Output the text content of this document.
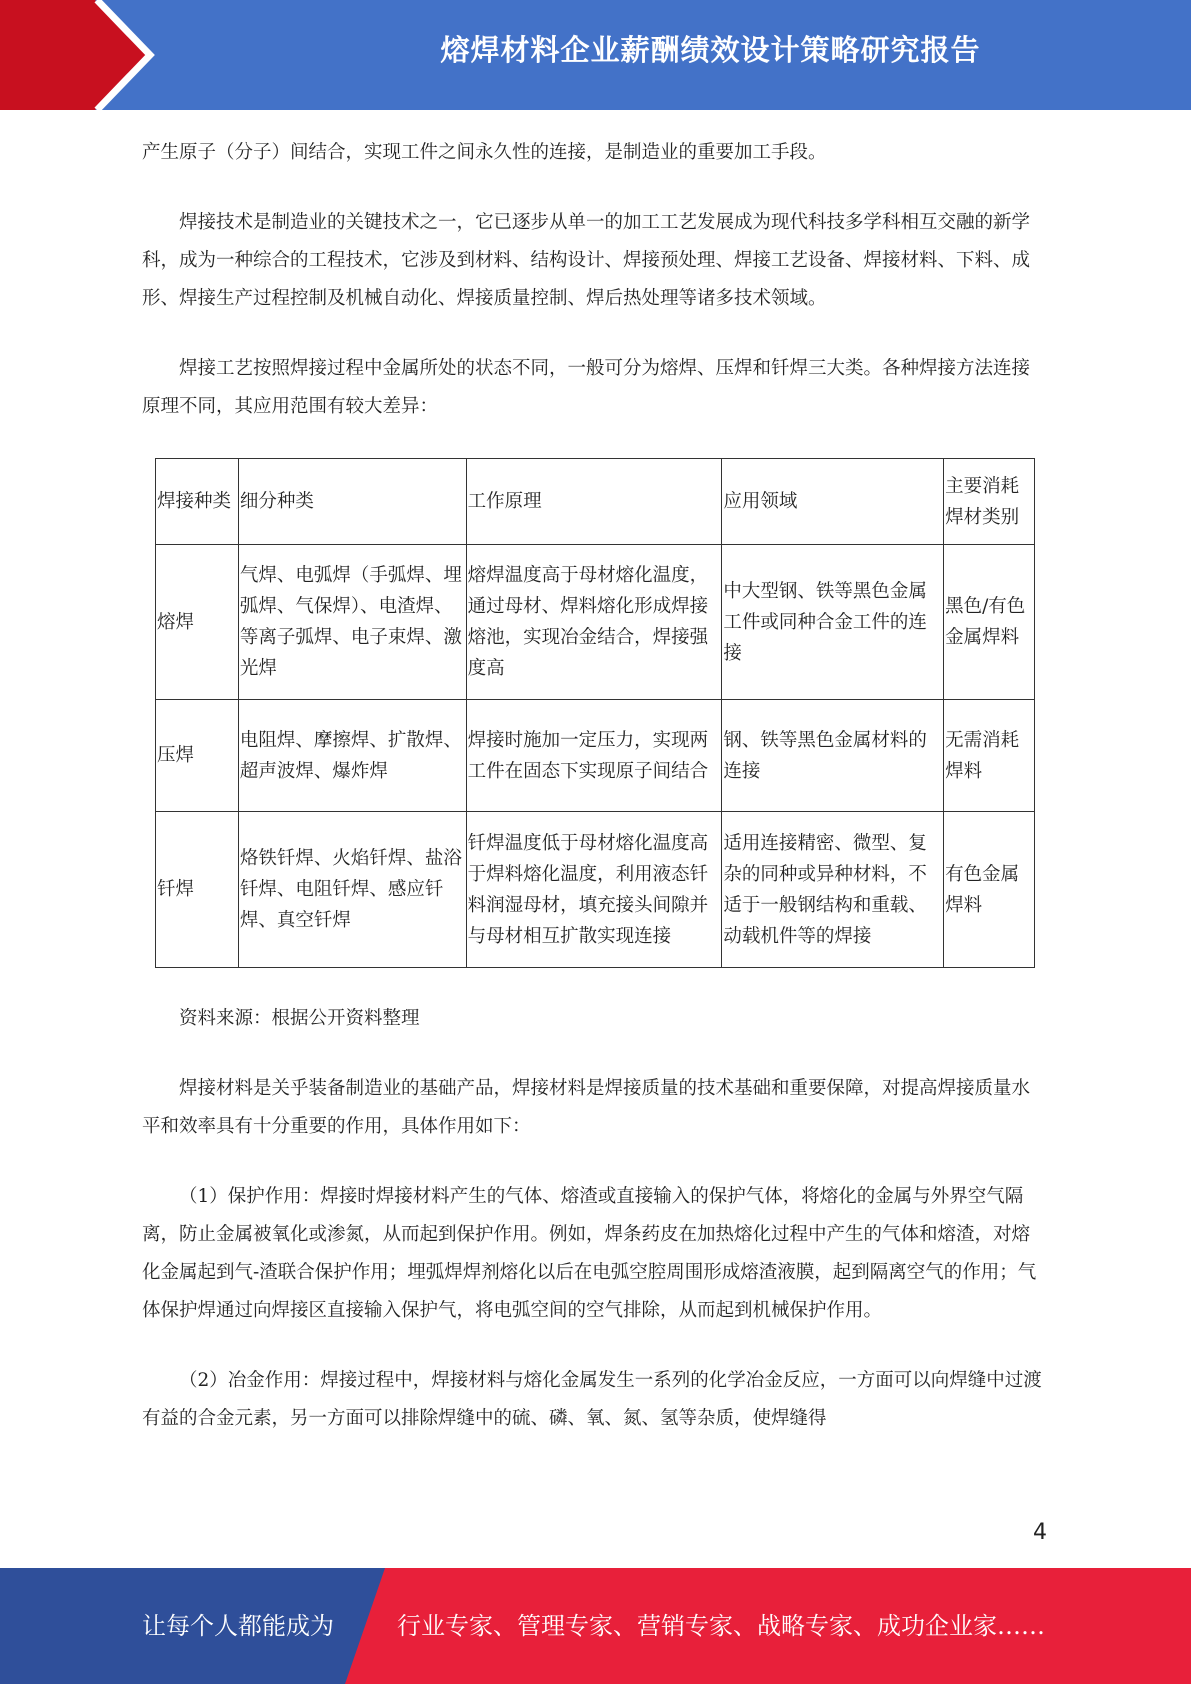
熔焊材料企业薪酬绩效设计策略研究报告

产生原子（分子）间结合，实现工件之间永久性的连接，是制造业的重要加工手段。

焊接技术是制造业的关键技术之一，它已逐步从单一的加工工艺发展成为现代科技多学科相互交融的新学科，成为一种综合的工程技术，它涉及到材料、结构设计、焊接预处理、焊接工艺设备、焊接材料、下料、成形、焊接生产过程控制及机械自动化、焊接质量控制、焊后热处理等诸多技术领域。

焊接工艺按照焊接过程中金属所处的状态不同，一般可分为熔焊、压焊和钎焊三大类。各种焊接方法连接原理不同，其应用范围有较大差异：

焊接种类	细分种类	工作原理	应用领域	主要消耗焊材类别
熔焊	气焊、电弧焊（手弧焊、埋弧焊、气保焊）、电渣焊、等离子弧焊、电子束焊、激光焊	熔焊温度高于母材熔化温度，通过母材、焊料熔化形成焊接熔池，实现冶金结合，焊接强度高	中大型钢、铁等黑色金属工件或同种合金工件的连接	黑色/有色金属焊料
压焊	电阻焊、摩擦焊、扩散焊、超声波焊、爆炸焊	焊接时施加一定压力，实现两工件在固态下实现原子间结合	钢、铁等黑色金属材料的连接	无需消耗焊料
钎焊	烙铁钎焊、火焰钎焊、盐浴钎焊、电阻钎焊、感应钎焊、真空钎焊	钎焊温度低于母材熔化温度高于焊料熔化温度，利用液态钎料润湿母材，填充接头间隙并与母材相互扩散实现连接	适用连接精密、微型、复杂的同种或异种材料，不适于一般钢结构和重载、动载机件等的焊接	有色金属焊料

资料来源：根据公开资料整理

焊接材料是关乎装备制造业的基础产品，焊接材料是焊接质量的技术基础和重要保障，对提高焊接质量水平和效率具有十分重要的作用，具体作用如下：

（1）保护作用：焊接时焊接材料产生的气体、熔渣或直接输入的保护气体，将熔化的金属与外界空气隔离，防止金属被氧化或渗氮，从而起到保护作用。例如，焊条药皮在加热熔化过程中产生的气体和熔渣，对熔化金属起到气-渣联合保护作用；埋弧焊焊剂熔化以后在电弧空腔周围形成熔渣液膜，起到隔离空气的作用；气体保护焊通过向焊接区直接输入保护气，将电弧空间的空气排除，从而起到机械保护作用。

（2）冶金作用：焊接过程中，焊接材料与熔化金属发生一系列的化学冶金反应，一方面可以向焊缝中过渡有益的合金元素，另一方面可以排除焊缝中的硫、磷、氧、氮、氢等杂质，使焊缝得

4
让每个人都能成为	行业专家、管理专家、营销专家、战略专家、成功企业家……
